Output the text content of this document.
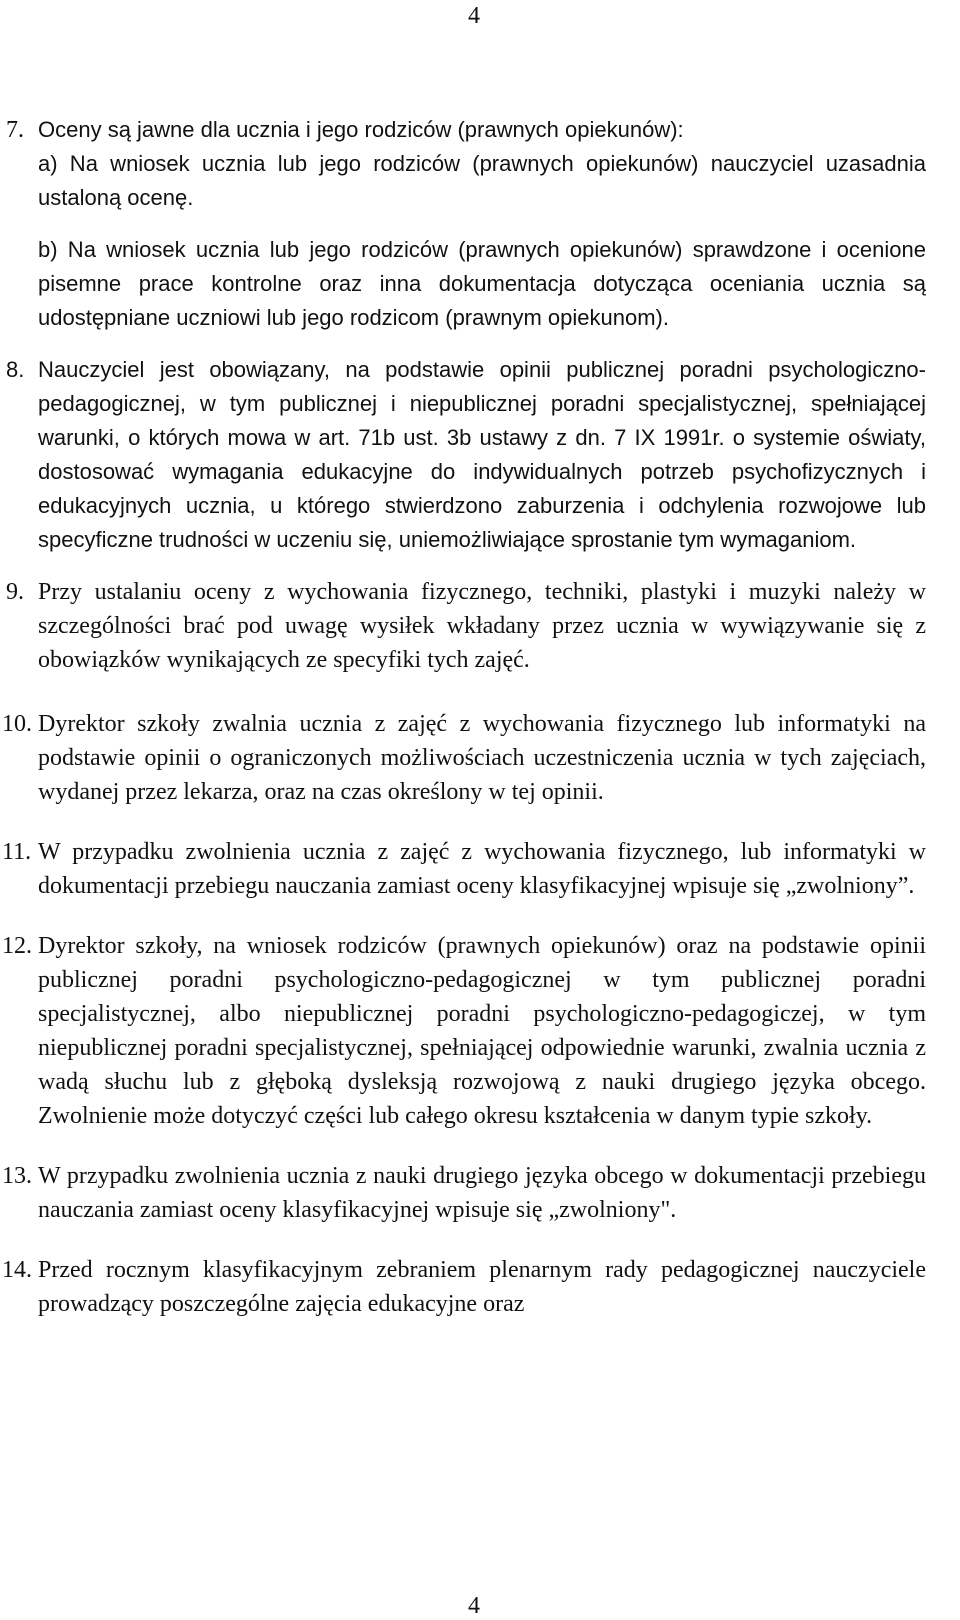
4
7. Oceny są jawne dla ucznia i jego rodziców (prawnych opiekunów):
a) Na wniosek ucznia lub jego rodziców (prawnych opiekunów) nauczyciel uzasadnia ustaloną ocenę.
b) Na wniosek ucznia lub jego rodziców (prawnych opiekunów) sprawdzone i ocenione pisemne prace kontrolne oraz inna dokumentacja dotycząca oceniania ucznia są udostępniane uczniowi lub jego rodzicom (prawnym opiekunom).
8. Nauczyciel jest obowiązany, na podstawie opinii publicznej poradni psychologiczno-pedagogicznej, w tym publicznej i niepublicznej poradni specjalistycznej, spełniającej warunki, o których mowa w art. 71b ust. 3b ustawy z dn. 7 IX 1991r. o systemie oświaty, dostosować wymagania edukacyjne do indywidualnych potrzeb psychofizycznych i edukacyjnych ucznia, u którego stwierdzono zaburzenia i odchylenia rozwojowe lub specyficzne trudności w uczeniu się, uniemożliwiające sprostanie tym wymaganiom.
9. Przy ustalaniu oceny z wychowania fizycznego, techniki, plastyki i muzyki należy w szczególności brać pod uwagę wysiłek wkładany przez ucznia w wywiązywanie się z obowiązków wynikających ze specyfiki tych zajęć.
10. Dyrektor szkoły zwalnia ucznia z zajęć z wychowania fizycznego lub informatyki na podstawie opinii o ograniczonych możliwościach uczestniczenia ucznia w tych zajęciach, wydanej przez lekarza, oraz na czas określony w tej opinii.
11. W przypadku zwolnienia ucznia z zajęć z wychowania fizycznego, lub informatyki w dokumentacji przebiegu nauczania zamiast oceny klasyfikacyjnej wpisuje się „zwolniony”.
12. Dyrektor szkoły, na wniosek rodziców (prawnych opiekunów) oraz na podstawie opinii publicznej poradni psychologiczno-pedagogicznej w tym publicznej poradni specjalistycznej, albo niepublicznej poradni psychologiczno-pedagogiczej, w tym niepublicznej poradni specjalistycznej, spełniającej odpowiednie warunki, zwalnia ucznia z wadą słuchu lub z głęboką dysleksją rozwojową z nauki drugiego języka obcego. Zwolnienie może dotyczyć części lub całego okresu kształcenia w danym typie szkoły.
13. W przypadku zwolnienia ucznia z nauki drugiego języka obcego w dokumentacji przebiegu nauczania zamiast oceny klasyfikacyjnej wpisuje się „zwolniony".
14. Przed rocznym klasyfikacyjnym zebraniem plenarnym rady pedagogicznej nauczyciele prowadzący poszczególne zajęcia edukacyjne oraz
4
